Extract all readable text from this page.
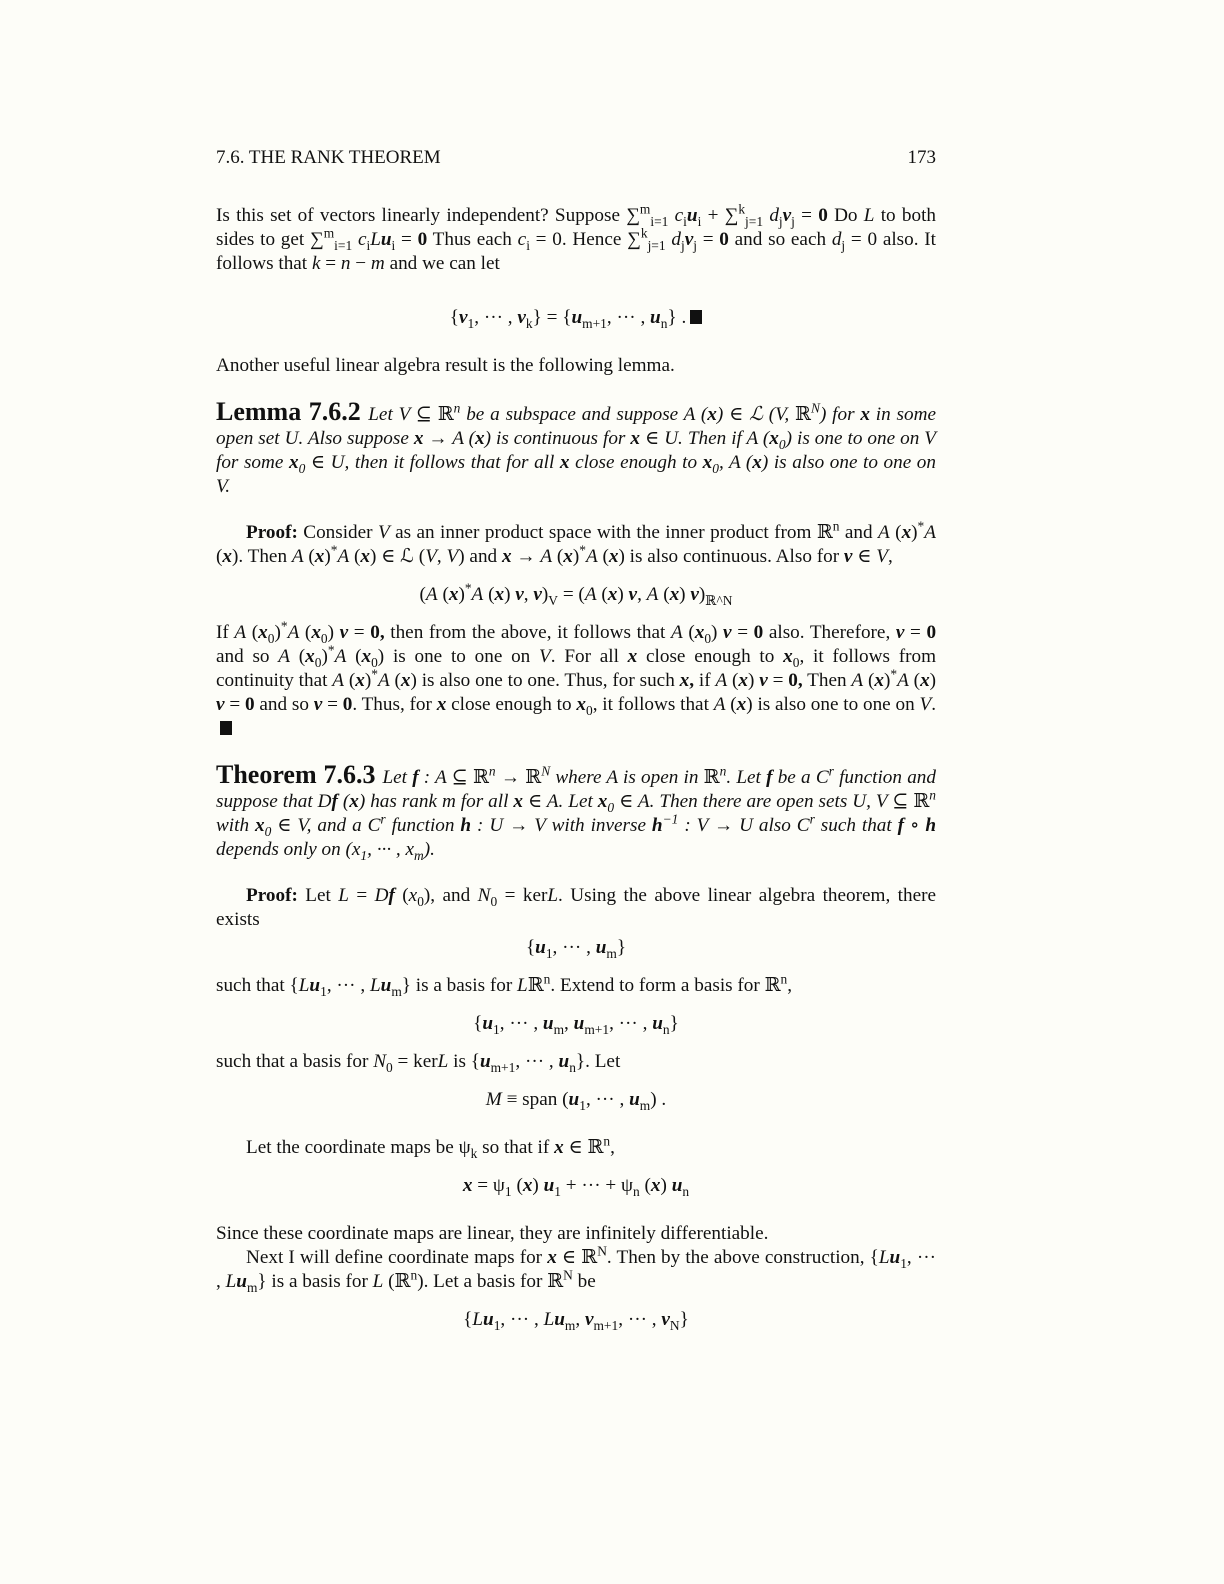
7.6. THE RANK THEOREM	173

Is this set of vectors linearly independent? Suppose ∑$^m_{i=1}$ $c_iu_i + \sum^k_{j=1}$ $d_jv_j = 0$ Do L to both sides to get ∑$^m_{i=1}$ $c_iLu_i = 0$ Thus each $c_i = 0$. Hence ∑$^k_{j=1}$ $d_jv_j = 0$ and so each $d_j = 0$ also. It follows that k = n − m and we can let

{$v_1$, ··· , $v_k\} = \{u_{m+1}$, ··· , $u_n$} .

Another useful linear algebra result is the following lemma.

Lemma 7.6.2 Let V ⊆ ℝ$^n$ be a subspace and suppose A (x) ∈ ℒ (V, ℝ$^N$) for x in some open set U. Also suppose x → A (x) is continuous for x ∈ U. Then if A $(x_0)$ is one to one on V for some $x_0$ ∈ U, then it follows that for all x close enough to $x_0$, A (x) is also one to one on V.

Proof: Consider V as an inner product space with the inner product from ℝ$^n$ and A (x)*A (x). Then A (x)*A (x) ∈ ℒ (V, V) and x → A (x)*A (x) is also continuous. Also for v ∈ V,

(A (x)*A (x) v, $v)_V = (A$ (x) v, A (x) $v)_{ℝ\^{}N}$

If A $(x_0)^*A$ $(x_0) v = 0$, then from the above, it follows that A $(x_0) v = 0$ also. Therefore, v = 0 and so A $(x_0)^*A$ $(x_0)$ is one to one on V. For all x close enough to $x_0$, it follows from continuity that A (x)*A (x) is also one to one. Thus, for such x, if A (x) v = 0, Then A (x)*A (x) v = 0 and so v = 0. Thus, for x close enough to $x_0$, it follows that A (x) is also one to one on V.

Theorem 7.6.3 Let f : A ⊆ ℝ$^n$ → ℝ$^N$ where A is open in ℝ$^n$. Let f be a $C^r$ function and suppose that Df (x) has rank m for all x ∈ A. Let $x_0$ ∈ A. Then there are open sets U, V ⊆ ℝ$^n$ with $x_0$ ∈ V, and a $C^r$ function h : U → V with inverse $h^{-1}$ : V → U also $C^r$ such that f ∘ h depends only on ($x_1$, ··· , $x_m$).

Proof: Let L = Df $(x_0)$, and $N_0$ = kerL. Using the above linear algebra theorem, there exists

{$u_1$, ··· , $u_m$}

such that {$Lu_1$, ··· , $Lu_m$} is a basis for Lℝ$^n$. Extend to form a basis for ℝ$^n$,

{$u_1$, ··· , $u_m$, $u_{m+1}$, ··· , $u_n$}

such that a basis for $N_0$ = kerL is {$u_{m+1}$, ··· , $u_n$}. Let

M ≡ span ($u_1$, ··· , $u_m$) .

Let the coordinate maps be $\psi_k$ so that if x ∈ ℝ$^n$,

$x = \psi_1$ (x) $u_1$ + ··· + $\psi_n$ (x) $u_n$

Since these coordinate maps are linear, they are infinitely differentiable.

Next I will define coordinate maps for x ∈ ℝ$^N$. Then by the above construction, {$Lu_1$, ··· , $Lu_m$} is a basis for L (ℝ$^n$). Let a basis for ℝ$^N$ be

{$Lu_1$, ··· , $Lu_m$, $v_{m+1}$, ··· , $v_N$}
